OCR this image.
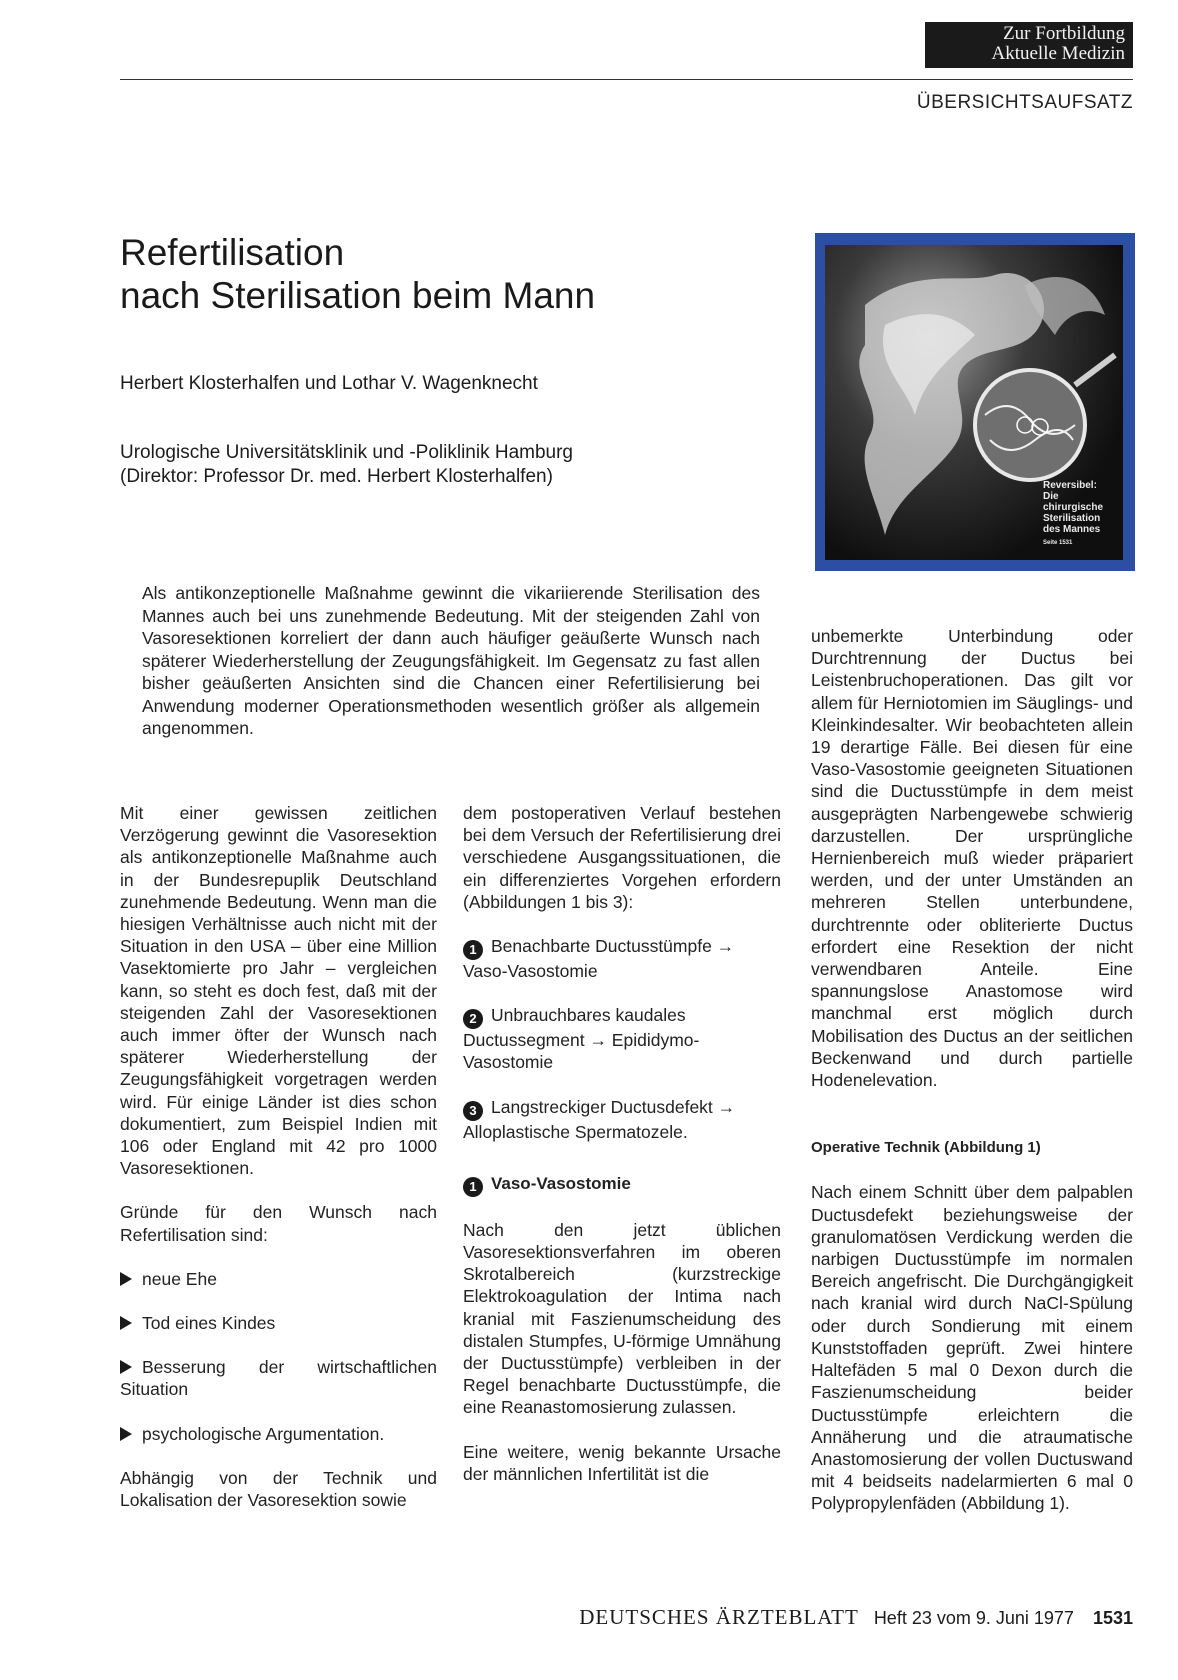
Zur Fortbildung
Aktuelle Medizin
ÜBERSICHTSAUFSATZ
Refertilisation
nach Sterilisation beim Mann
Herbert Klosterhalfen und Lothar V. Wagenknecht
Urologische Universitätsklinik und -Poliklinik Hamburg
(Direktor: Professor Dr. med. Herbert Klosterhalfen)	Reversibel:
Die
chirurgische
Sterilisation
des Mannes
Seite 1531

Als antikonzeptionelle Maßnahme gewinnt die vikariierende Sterilisation des Mannes auch bei uns zunehmende Bedeutung. Mit der steigenden Zahl von Vasoresektionen korreliert der dann auch häufiger geäußerte Wunsch nach späterer Wiederherstellung der Zeugungsfähigkeit. Im Gegensatz zu fast allen bisher geäußerten Ansichten sind die Chancen einer Refertilisierung bei Anwendung moderner Operationsmethoden wesentlich größer als allgemein angenommen.

Mit einer gewissen zeitlichen Verzögerung gewinnt die Vasoresektion als antikonzeptionelle Maßnahme auch in der Bundesrepuplik Deutschland zunehmende Bedeutung. Wenn man die hiesigen Verhältnisse auch nicht mit der Situation in den USA – über eine Million Vasektomierte pro Jahr – vergleichen kann, so steht es doch fest, daß mit der steigenden Zahl der Vasoresektionen auch immer öfter der Wunsch nach späterer Wiederherstellung der Zeugungsfähigkeit vorgetragen werden wird. Für einige Länder ist dies schon dokumentiert, zum Beispiel Indien mit 106 oder England mit 42 pro 1000 Vasoresektionen.

Gründe für den Wunsch nach Refertilisation sind:

neue Ehe
Tod eines Kindes
Besserung der wirtschaftlichen Situation
psychologische Argumentation.

Abhängig von der Technik und Lokalisation der Vasoresektion sowie

dem postoperativen Verlauf bestehen bei dem Versuch der Refertilisierung drei verschiedene Ausgangssituationen, die ein differenziertes Vorgehen erfordern (Abbildungen 1 bis 3):

1 Benachbarte Ductusstümpfe → Vaso-Vasostomie

2 Unbrauchbares kaudales Ductussegment → Epididymo-Vasostomie

3 Langstreckiger Ductusdefekt → Alloplastische Spermatozele.

1 Vaso-Vasostomie

Nach den jetzt üblichen Vasoresektionsverfahren im oberen Skrotalbereich (kurzstreckige Elektrokoagulation der Intima nach kranial mit Faszienumscheidung des distalen Stumpfes, U-förmige Umnähung der Ductusstümpfe) verbleiben in der Regel benachbarte Ductusstümpfe, die eine Reanastomosierung zulassen.

Eine weitere, wenig bekannte Ursache der männlichen Infertilität ist die

unbemerkte Unterbindung oder Durchtrennung der Ductus bei Leistenbruchoperationen. Das gilt vor allem für Herniotomien im Säuglings- und Kleinkindesalter. Wir beobachteten allein 19 derartige Fälle. Bei diesen für eine Vaso-Vasostomie geeigneten Situationen sind die Ductusstümpfe in dem meist ausgeprägten Narbengewebe schwierig darzustellen. Der ursprüngliche Hernienbereich muß wieder präpariert werden, und der unter Umständen an mehreren Stellen unterbundene, durchtrennte oder obliterierte Ductus erfordert eine Resektion der nicht verwendbaren Anteile. Eine spannungslose Anastomose wird manchmal erst möglich durch Mobilisation des Ductus an der seitlichen Beckenwand und durch partielle Hodenelevation.

Operative Technik (Abbildung 1)

Nach einem Schnitt über dem palpablen Ductusdefekt beziehungsweise der granulomatösen Verdickung werden die narbigen Ductusstümpfe im normalen Bereich angefrischt. Die Durchgängigkeit nach kranial wird durch NaCl-Spülung oder durch Sondierung mit einem Kunststoffaden geprüft. Zwei hintere Haltefäden 5 mal 0 Dexon durch die Faszienumscheidung beider Ductusstümpfe erleichtern die Annäherung und die atraumatische Anastomosierung der vollen Ductuswand mit 4 beidseits nadelarmierten 6 mal 0 Polypropylenfäden (Abbildung 1).

DEUTSCHES ÄRZTEBLATT Heft 23 vom 9. Juni 1977 1531
